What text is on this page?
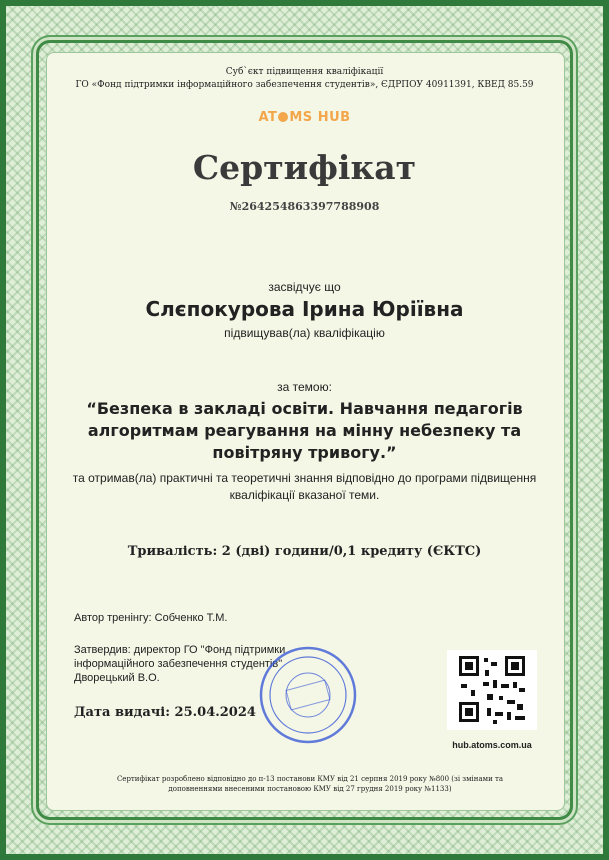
Суб`єкт підвищення кваліфікації
ГО «Фонд підтримки інформаційного забезпечення студентів», ЄДРПОУ 40911391, КВЕД 85.59
AT MS HUB
Сертифікат
№264254863397788908
засвідчує що
Слєпокурова Ірина Юріївна
підвищував(ла) кваліфікацію
за темою:
“Безпека в закладі освіти. Навчання педагогів алгоритмам реагування на мінну небезпеку та повітряну тривогу.”
та отримав(ла) практичні та теоретичні знання відповідно до програми підвищення кваліфікації вказаної теми.
Тривалість: 2 (дві) години/0,1 кредиту (ЄКТС)
Автор тренінгу: Собченко Т.М.
Затвердив: директор ГО "Фонд підтримки інформаційного забезпечення студентів" Дворецький В.О.
Дата видачі: 25.04.2024
hub.atoms.com.ua
Сертифікат розроблено відповідно до п-13 постанови КМУ від 21 серпня 2019 року №800 (зі змінами та доповненнями внесеними постановою КМУ від 27 грудня 2019 року №1133)
